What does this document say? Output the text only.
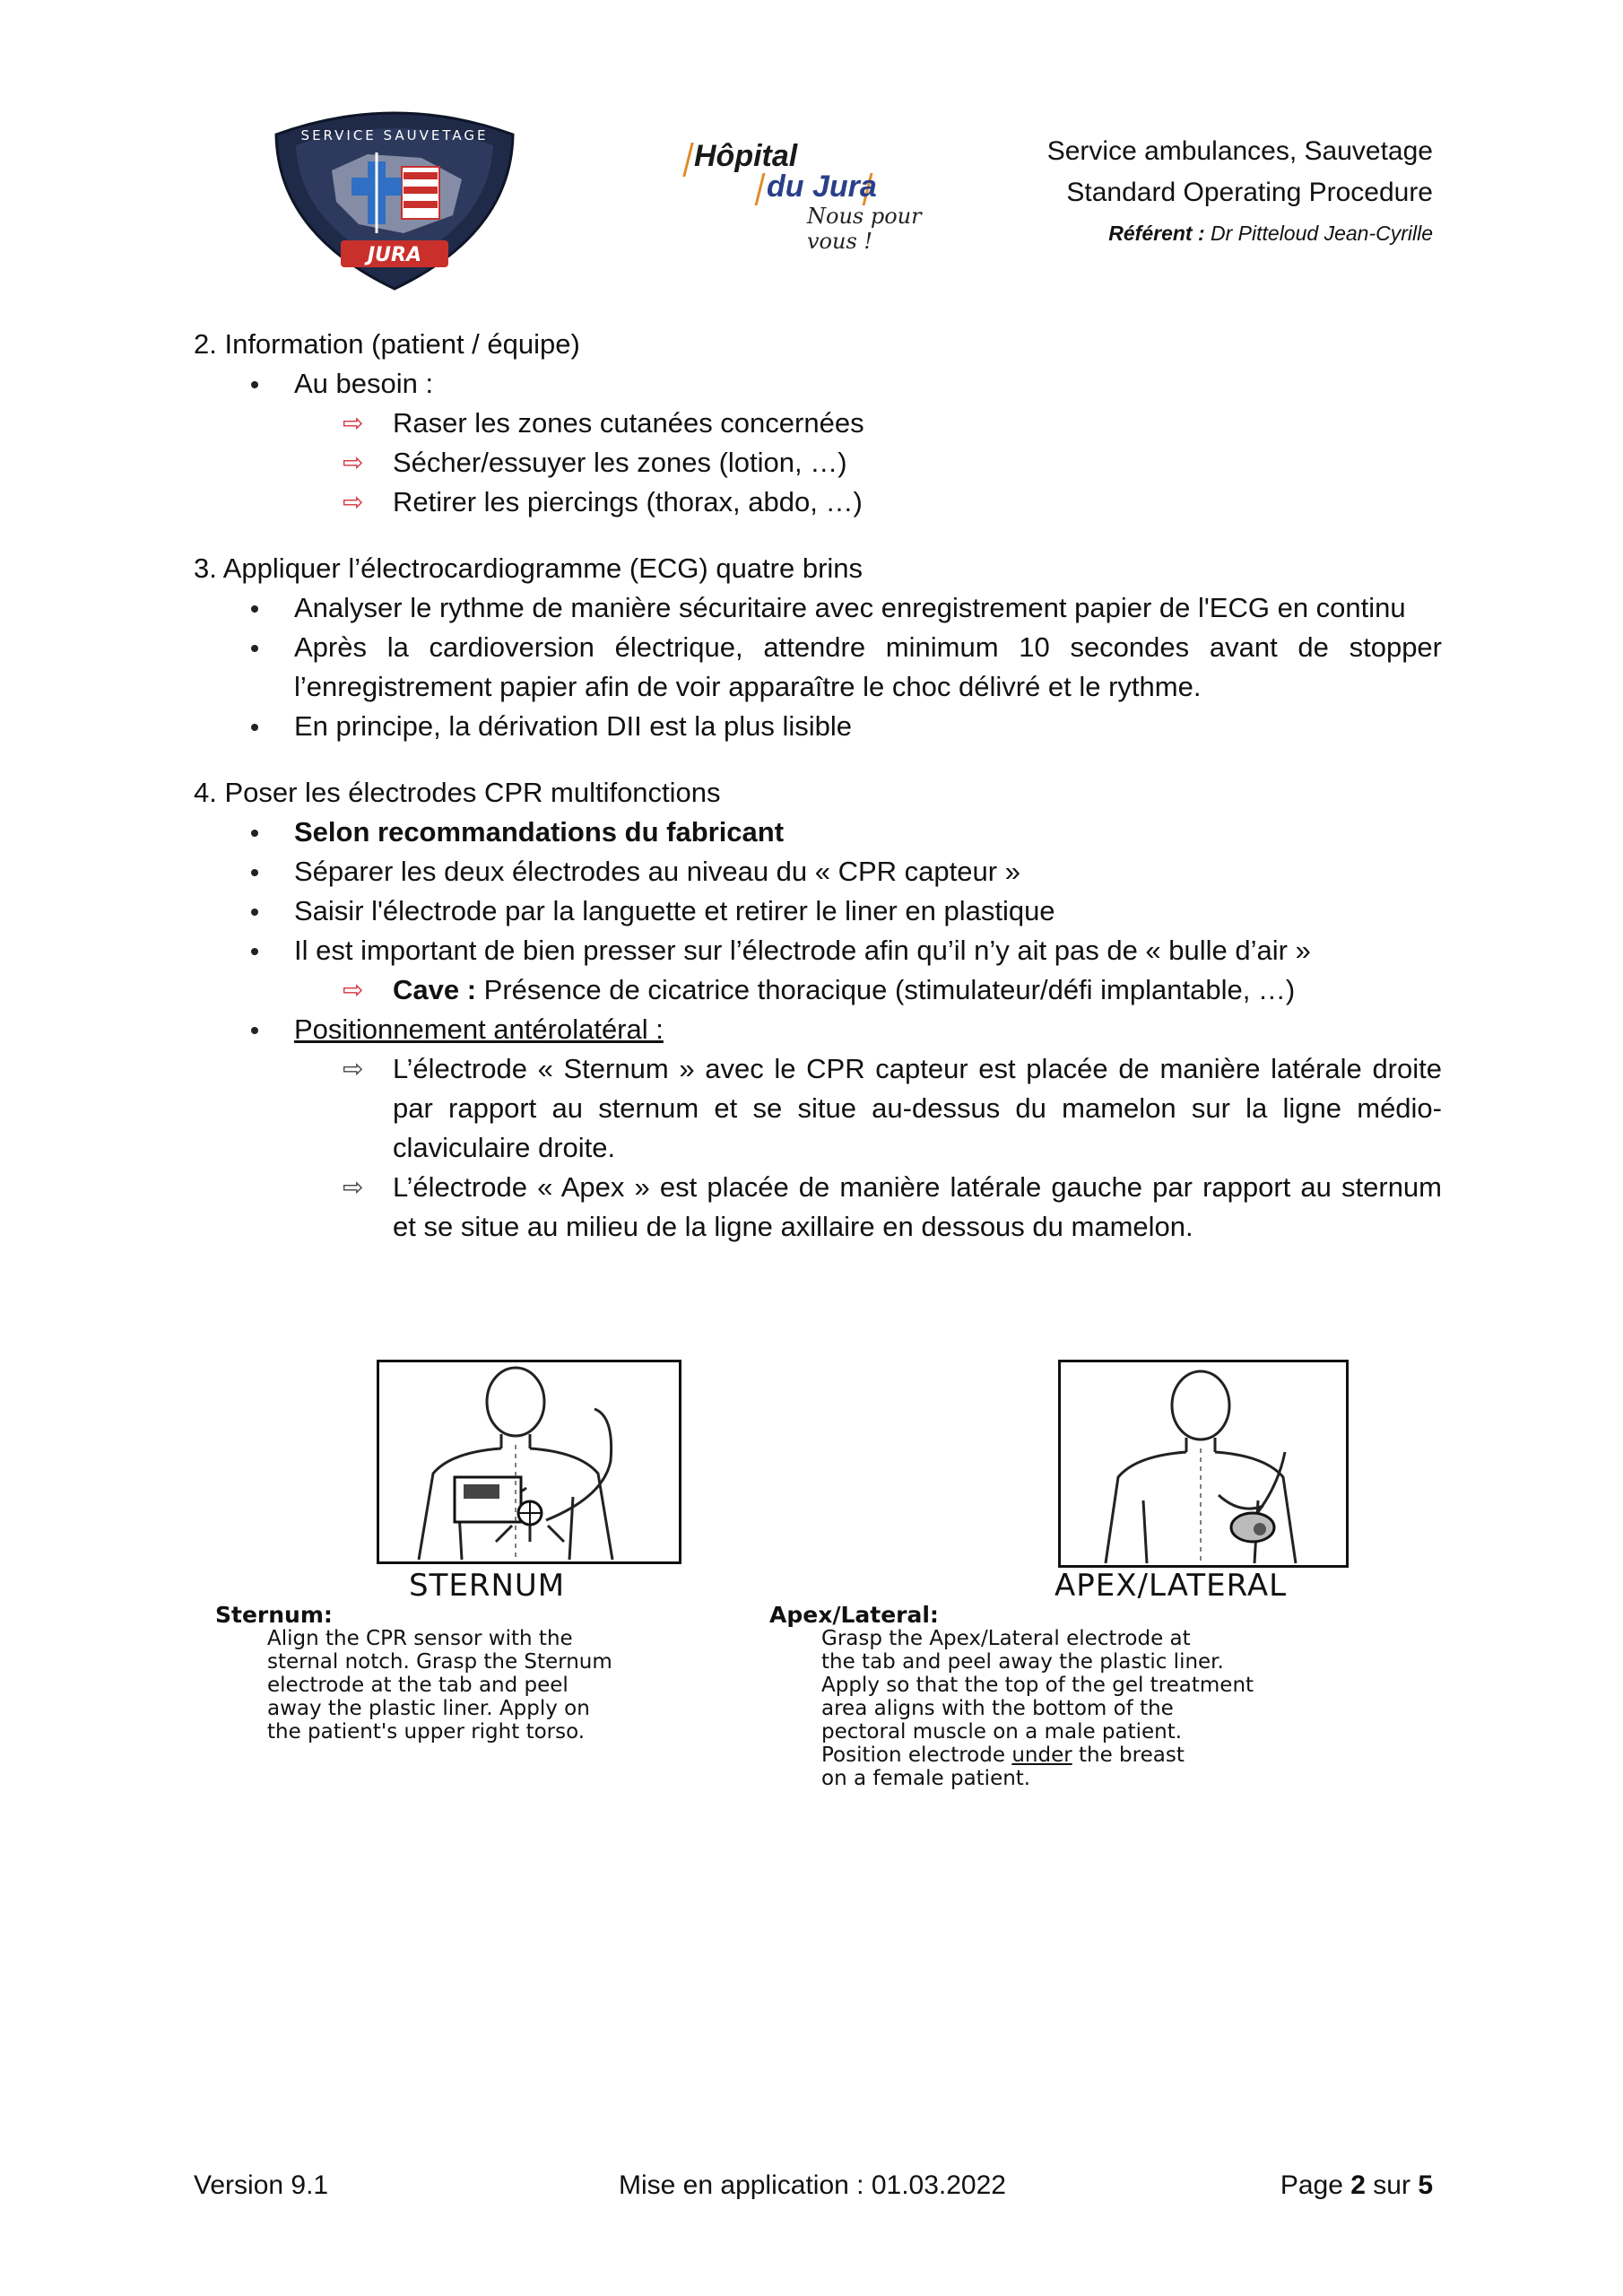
SERVICE SAUVETAGE
JURA
Hôpital
du Jura
Nous pour vous !
Service ambulances, Sauvetage
Standard Operating Procedure
Référent : Dr Pitteloud Jean-Cyrille
2. Information (patient / équipe)
Au besoin :
⇨ Raser les zones cutanées concernées
⇨ Sécher/essuyer les zones (lotion, …)
⇨ Retirer les piercings (thorax, abdo, …)
3. Appliquer l’électrocardiogramme (ECG) quatre brins
Analyser le rythme de manière sécuritaire avec enregistrement papier de l'ECG en continu
Après la cardioversion électrique, attendre minimum 10 secondes avant de stopper l’enregistrement papier afin de voir apparaître le choc délivré et le rythme.
En principe, la dérivation DII est la plus lisible
4. Poser les électrodes CPR multifonctions
Selon recommandations du fabricant
Séparer les deux électrodes au niveau du « CPR capteur »
Saisir l'électrode par la languette et retirer le liner en plastique
Il est important de bien presser sur l’électrode afin qu’il n’y ait pas de « bulle d’air »
⇨ Cave : Présence de cicatrice thoracique (stimulateur/défi implantable, …)
Positionnement antérolatéral :
⇨ L’électrode « Sternum » avec le CPR capteur est placée de manière latérale droite par rapport au sternum et se situe au-dessus du mamelon sur la ligne médio-claviculaire droite.
⇨ L’électrode « Apex » est placée de manière latérale gauche par rapport au sternum et se situe au milieu de la ligne axillaire en dessous du mamelon.
STERNUM
Sternum:
Align the CPR sensor with the
sternal notch. Grasp the Sternum
electrode at the tab and peel
away the plastic liner. Apply on
the patient's upper right torso.
APEX/LATERAL
Apex/Lateral:
Grasp the Apex/Lateral electrode at
the tab and peel away the plastic liner.
Apply so that the top of the gel treatment
area aligns with the bottom of the
pectoral muscle on a male patient.
Position electrode under the breast
on a female patient.
Version 9.1	Mise en application : 01.03.2022	Page 2 sur 5
